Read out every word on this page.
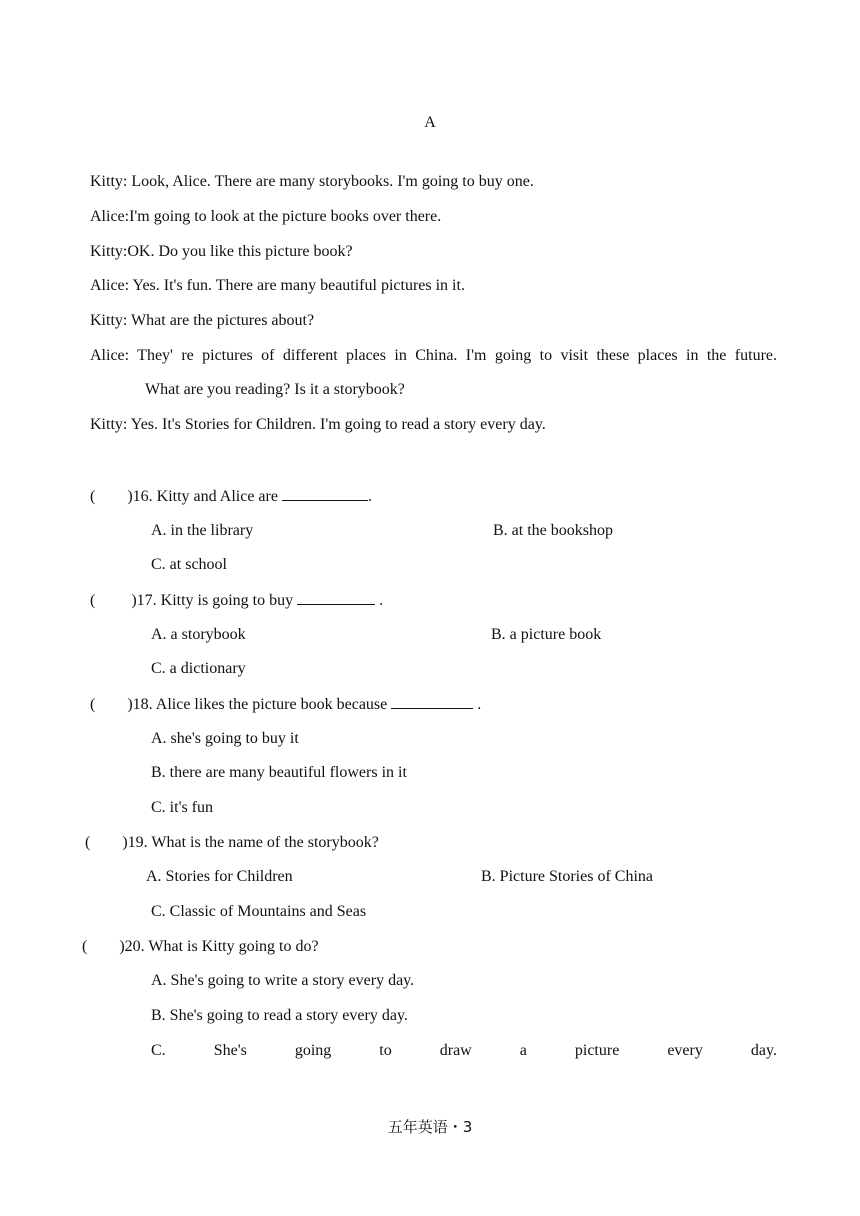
A
Kitty: Look, Alice. There are many storybooks. I'm going to buy one.
Alice:I'm going to look at the picture books over there.
Kitty:OK. Do you like this picture book?
Alice: Yes. It's fun. There are many beautiful pictures in it.
Kitty: What are the pictures about?
Alice: They' re pictures of different places in China. I'm going to visit these places in the future.
What are you reading? Is it a storybook?
Kitty: Yes. It's Stories for Children. I'm going to read a story every day.
( )16. Kitty and Alice are	.
A. in the library	B. at the bookshop
C. at school
( )17. Kitty is going to buy	.
A. a storybook	B. a picture book
C. a dictionary
( )18. Alice likes the picture book because	.
A. she's going to buy it
B. there are many beautiful flowers in it
C. it's fun
( )19. What is the name of the storybook?
A. Stories for Children	B. Picture Stories of China
C. Classic of Mountains and Seas
( )20. What is Kitty going to do?
A. She's going to write a story every day.
B. She's going to read a story every day.
C.	She's	going	to	draw	a	picture	every	day.
五年英语・3
